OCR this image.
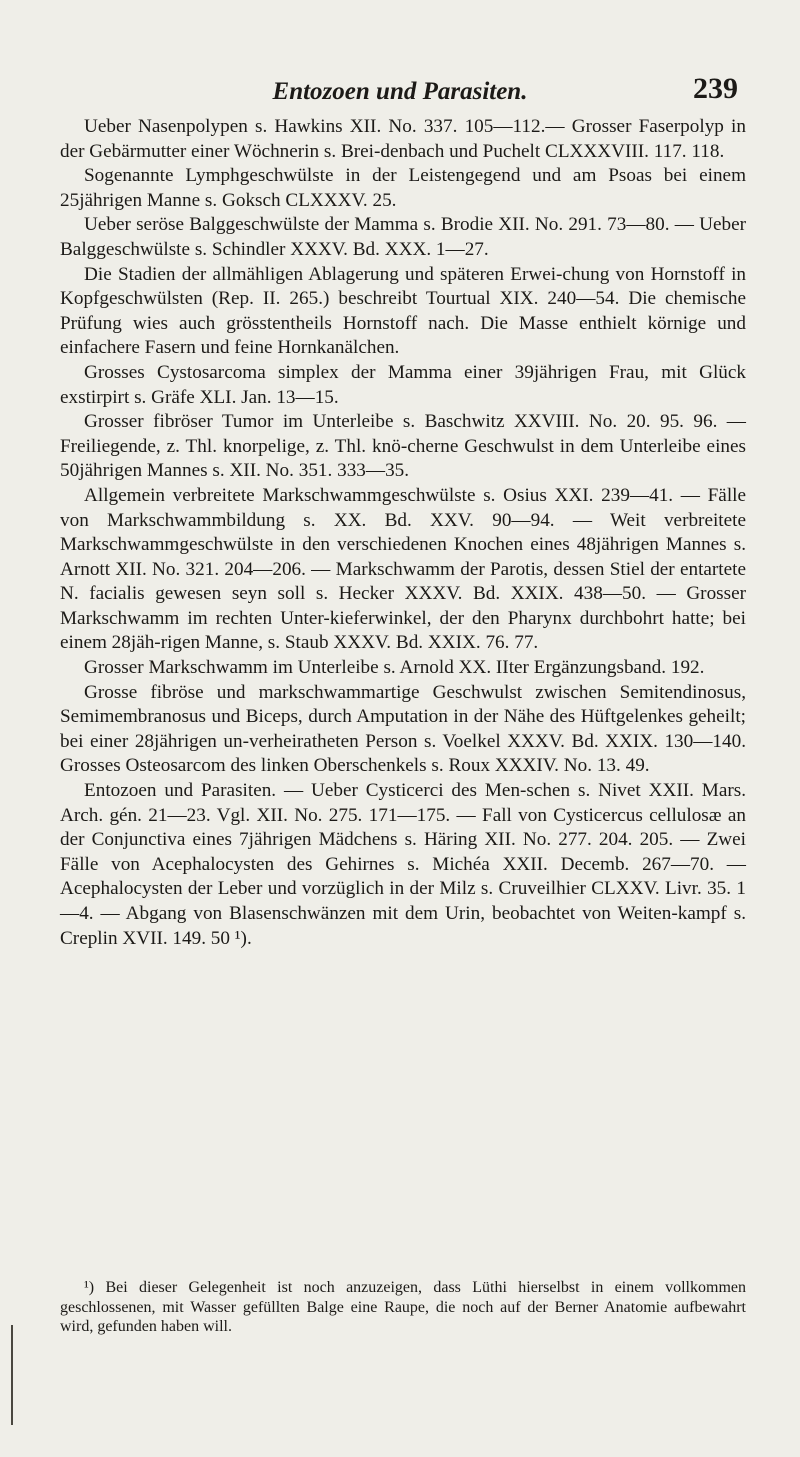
Entozoen und Parasiten.	239

Ueber Nasenpolypen s. Hawkins XII. No. 337. 105—112.— Grosser Faserpolyp in der Gebärmutter einer Wöchnerin s. Brei-denbach und Puchelt CLXXXVIII. 117. 118.

Sogenannte Lymphgeschwülste in der Leistengegend und am Psoas bei einem 25jährigen Manne s. Goksch CLXXXV. 25.

Ueber seröse Balggeschwülste der Mamma s. Brodie XII. No. 291. 73—80. — Ueber Balggeschwülste s. Schindler XXXV. Bd. XXX. 1—27.

Die Stadien der allmähligen Ablagerung und späteren Erwei-chung von Hornstoff in Kopfgeschwülsten (Rep. II. 265.) beschreibt Tourtual XIX. 240—54. Die chemische Prüfung wies auch grösstentheils Hornstoff nach. Die Masse enthielt körnige und einfachere Fasern und feine Hornkanälchen.

Grosses Cystosarcoma simplex der Mamma einer 39jährigen Frau, mit Glück exstirpirt s. Gräfe XLI. Jan. 13—15.

Grosser fibröser Tumor im Unterleibe s. Baschwitz XXVIII. No. 20. 95. 96. — Freiliegende, z. Thl. knorpelige, z. Thl. knö-cherne Geschwulst in dem Unterleibe eines 50jährigen Mannes s. XII. No. 351. 333—35.

Allgemein verbreitete Markschwammgeschwülste s. Osius XXI. 239—41. — Fälle von Markschwammbildung s. XX. Bd. XXV. 90—94. — Weit verbreitete Markschwammgeschwülste in den verschiedenen Knochen eines 48jährigen Mannes s. Arnott XII. No. 321. 204—206. — Markschwamm der Parotis, dessen Stiel der entartete N. facialis gewesen seyn soll s. Hecker XXXV. Bd. XXIX. 438—50. — Grosser Markschwamm im rechten Unter-kieferwinkel, der den Pharynx durchbohrt hatte; bei einem 28jäh-rigen Manne, s. Staub XXXV. Bd. XXIX. 76. 77.

Grosser Markschwamm im Unterleibe s. Arnold XX. IIter Ergänzungsband. 192.

Grosse fibröse und markschwammartige Geschwulst zwischen Semitendinosus, Semimembranosus und Biceps, durch Amputation in der Nähe des Hüftgelenkes geheilt; bei einer 28jährigen un-verheiratheten Person s. Voelkel XXXV. Bd. XXIX. 130—140. Grosses Osteosarcom des linken Oberschenkels s. Roux XXXIV. No. 13. 49.

Entozoen und Parasiten. — Ueber Cysticerci des Men-schen s. Nivet XXII. Mars. Arch. gén. 21—23. Vgl. XII. No. 275. 171—175. — Fall von Cysticercus cellulosæ an der Conjunctiva eines 7jährigen Mädchens s. Häring XII. No. 277. 204. 205. — Zwei Fälle von Acephalocysten des Gehirnes s. Michéa XXII. Decemb. 267—70. — Acephalocysten der Leber und vorzüglich in der Milz s. Cruveilhier CLXXV. Livr. 35. 1—4. — Abgang von Blasenschwänzen mit dem Urin, beobachtet von Weiten-kampf s. Creplin XVII. 149. 50 ¹).

¹) Bei dieser Gelegenheit ist noch anzuzeigen, dass Lüthi hierselbst in einem vollkommen geschlossenen, mit Wasser gefüllten Balge eine Raupe, die noch auf der Berner Anatomie aufbewahrt wird, gefunden haben will.
